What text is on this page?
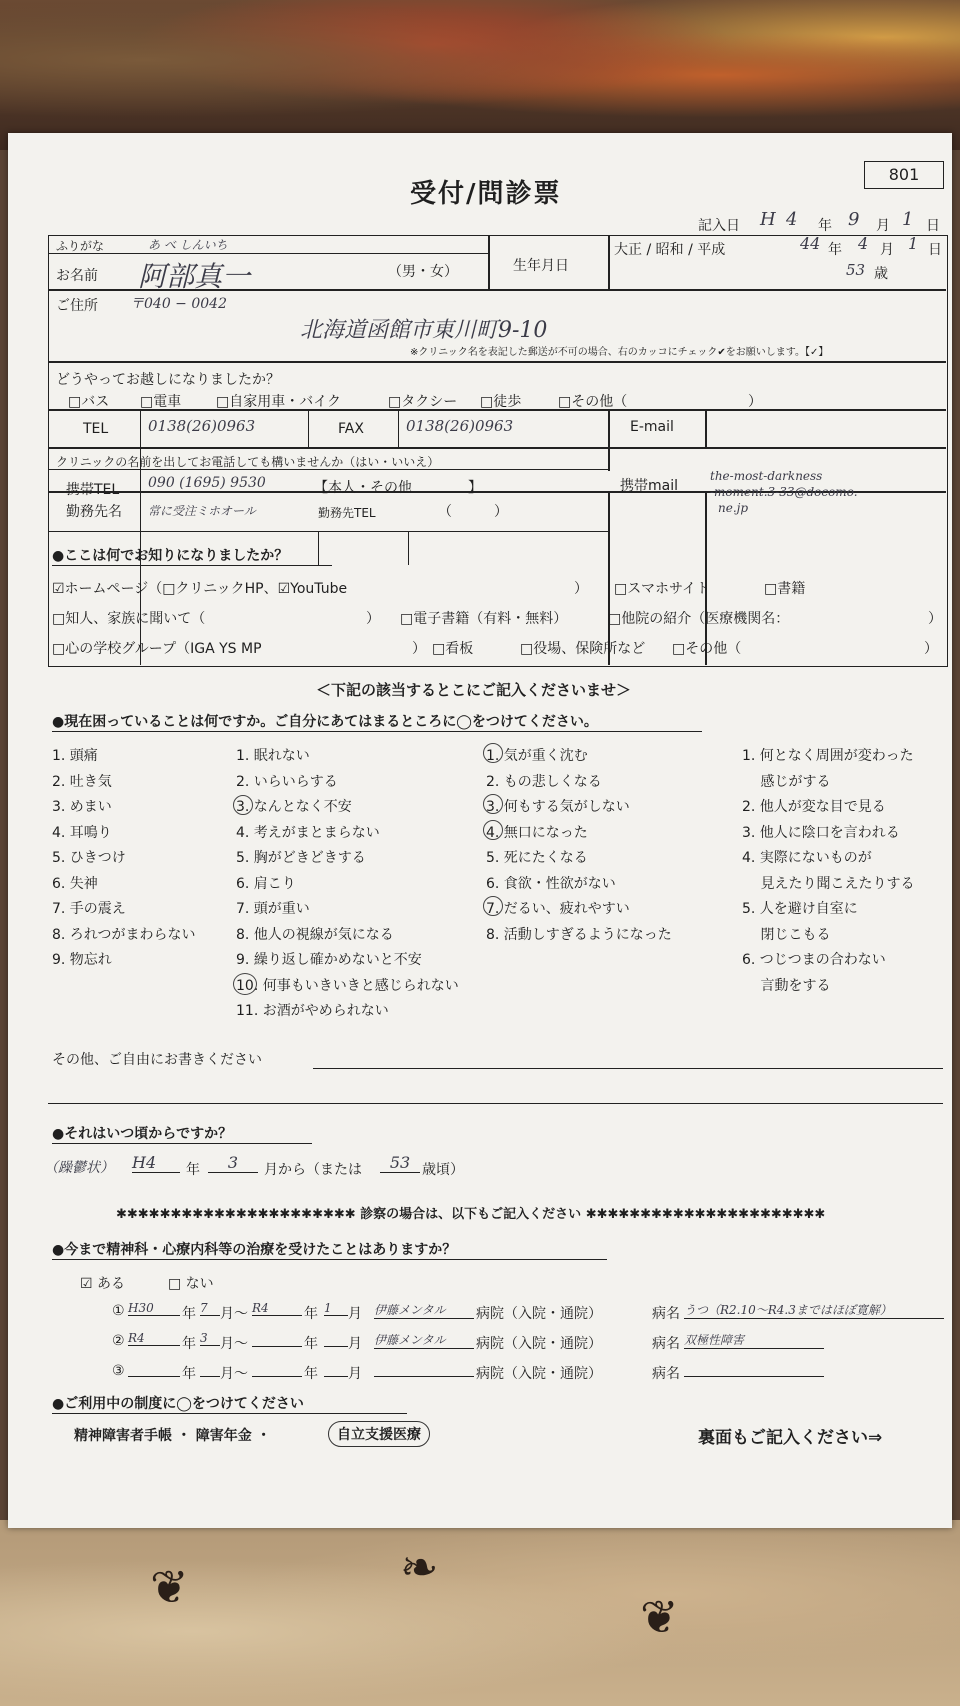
❦	❧
❦
受付/問診票
801
記入日 H 4 年 9 月 1 日
ふりがな	あ べ しんいち
お名前 阿部真一	（男・女）	生年月日
大正 / 昭和 / 平成	44 年 4 月 1 日
53 歳
ご住所 〒040 − 0042
北海道函館市東川町9-10
※クリニック名を表記した郵送が不可の場合、右のカッコにチェック✔をお願いします。【✓】
どうやってお越しになりましたか？
□バス □電車 □自家用車・バイク	□タクシー □徒歩	□その他（	）
TEL	0138(26)0963	FAX	0138(26)0963	E-mail
クリニックの名前を出してお電話しても構いませんか（はい・いいえ）
携帯TEL 090 (1695) 9530	【本人・その他　　　　】	携帯mail
the-most-darkness
-moment.3-33@docomo.
ne.jp
勤務先名 常に受注ミホオール	勤務先TEL	（　　　）
●ここは何でお知りになりましたか？
☑ホームページ（□クリニックHP、☑YouTube	） □スマホサイト	□書籍
□知人、家族に聞いて（	） □電子書籍（有料・無料）	□他院の紹介（医療機関名：	）
□心の学校グループ（IGA YS MP	） □看板	□役場、保険所など □その他（	）
＜下記の該当するとこにご記入くださいませ＞
●現在困っていることは何ですか。ご自分にあてはまるところに◯をつけてください。
1. 頭痛
2. 吐き気
3. めまい
4. 耳鳴り
5. ひきつけ
6. 失神
7. 手の震え
8. ろれつがまわらない
9. 物忘れ
1. 眠れない
2. いらいらする
3. なんとなく不安
4. 考えがまとまらない
5. 胸がどきどきする
6. 肩こり
7. 頭が重い
8. 他人の視線が気になる
9. 繰り返し確かめないと不安
10. 何事もいきいきと感じられない
11. お酒がやめられない
1. 気が重く沈む
2. もの悲しくなる
3. 何もする気がしない
4. 無口になった
5. 死にたくなる
6. 食欲・性欲がない
7. だるい、疲れやすい
8. 活動しすぎるようになった
1. 何となく周囲が変わった
　 感じがする
2. 他人が変な目で見る
3. 他人に陰口を言われる
4. 実際にないものが
　 見えたり聞こえたりする
5. 人を避け自室に
　 閉じこもる
6. つじつまの合わない
　 言動をする
その他、ご自由にお書きください
●それはいつ頃からですか？
（躁鬱状） H4	年	3	月から（または	53 歳頃）
✱✱✱✱✱✱✱✱✱✱✱✱✱✱✱✱✱✱✱✱✱✱ 診察の場合は、以下もご記入ください ✱✱✱✱✱✱✱✱✱✱✱✱✱✱✱✱✱✱✱✱✱✱
●今まで精神科・心療内科等の治療を受けたことはありますか？
☑ ある	□ ない
① H30	年 7 月〜 R4	年 1	月 伊藤メンタル	病院（入院・通院）	病名 うつ（R2.10〜R4.3まではほぼ寛解）
② R4	年 3 月〜	年 月 伊藤メンタル	病院（入院・通院）	病名 双極性障害
③	年 月〜	年 月	病院（入院・通院）	病名
●ご利用中の制度に◯をつけてください
精神障害者手帳 ・ 障害年金 ・	自立支援医療	裏面もご記入ください⇒
